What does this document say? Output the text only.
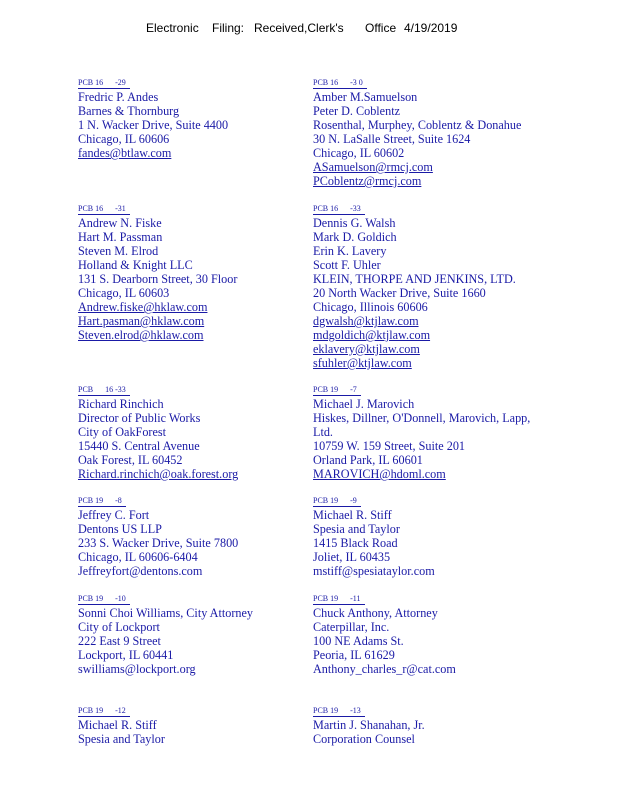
Electronic

Filing:

Received,Clerk's

Office

4/19/2019

PCB 16      -29
Fredric P. Andes
Barnes & Thornburg
1 N. Wacker Drive, Suite 4400
Chicago, IL 60606
fandes@btlaw.com
PCB 16      -3 0
Amber M.Samuelson
Peter D. Coblentz
Rosenthal, Murphey, Coblentz & Donahue
30 N. LaSalle Street, Suite 1624
Chicago, IL 60602
ASamuelson@rmcj.com
PCoblentz@rmcj.com
PCB 16      -31
Andrew N. Fiske
Hart M. Passman
Steven M. Elrod
Holland & Knight LLC
131 S. Dearborn Street, 30 Floor
Chicago, IL 60603
Andrew.fiske@hklaw.com
Hart.pasman@hklaw.com
Steven.elrod@hklaw.com
PCB 16      -33
Dennis G. Walsh
Mark D. Goldich
Erin K. Lavery
Scott F. Uhler
KLEIN, THORPE AND JENKINS, LTD.
20 North Wacker Drive, Suite 1660
Chicago, Illinois 60606
dgwalsh@ktjlaw.com
mdgoldich@ktjlaw.com
eklavery@ktjlaw.com
sfuhler@ktjlaw.com
PCB      16 -33
Richard Rinchich
Director of Public Works
City of OakForest
15440 S. Central Avenue
Oak Forest, IL 60452
Richard.rinchich@oak.forest.org
PCB 19      -7
Michael J. Marovich
Hiskes, Dillner, O'Donnell, Marovich, Lapp,
Ltd.
10759 W. 159 Street, Suite 201
Orland Park, IL 60601
MAROVICH@hdoml.com
PCB 19      -8
Jeffrey C. Fort
Dentons US LLP
233 S. Wacker Drive, Suite 7800
Chicago, IL 60606-6404
Jeffreyfort@dentons.com
PCB 19      -9
Michael R. Stiff
Spesia and Taylor
1415 Black Road
Joliet, IL 60435
mstiff@spesiataylor.com
PCB 19      -10
Sonni Choi Williams, City Attorney
City of Lockport
222 East 9 Street
Lockport, IL 60441
swilliams@lockport.org
PCB 19      -11
Chuck Anthony, Attorney
Caterpillar, Inc.
100 NE Adams St.
Peoria, IL 61629
Anthony_charles_r@cat.com
PCB 19      -12
Michael R. Stiff
Spesia and Taylor
PCB 19      -13
Martin J. Shanahan, Jr.
Corporation Counsel
